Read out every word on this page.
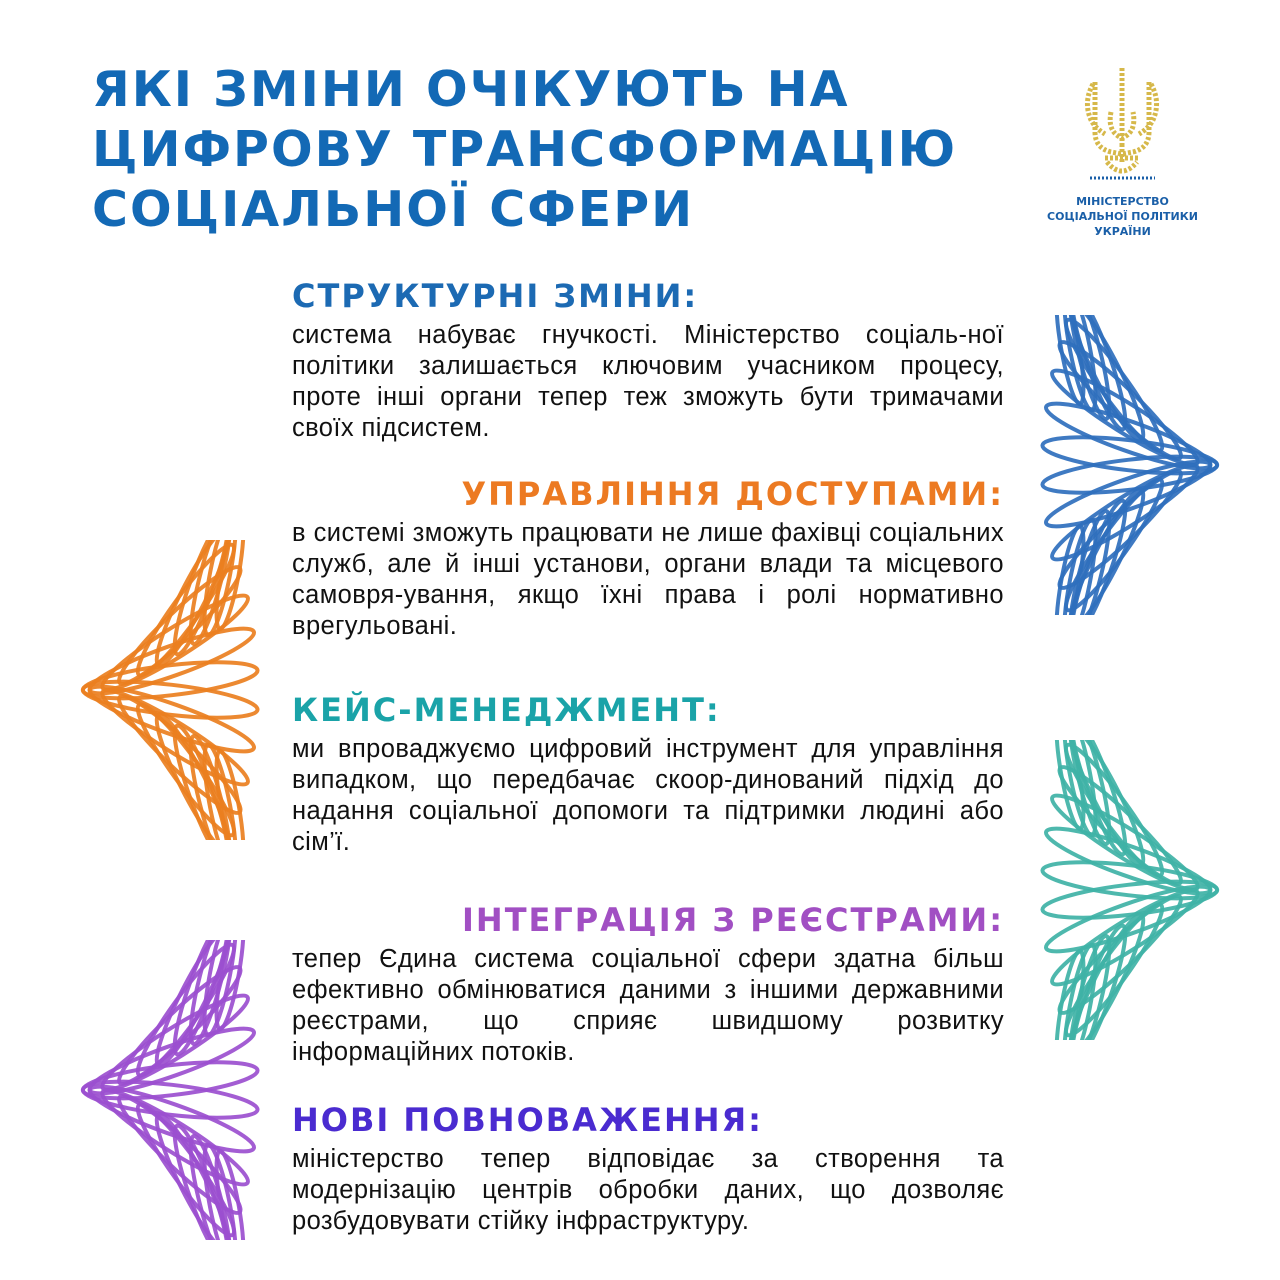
ЯКІ ЗМІНИ ОЧІКУЮТЬ НА
ЦИФРОВУ ТРАНСФОРМАЦІЮ
СОЦІАЛЬНОЇ СФЕРИ	МІНІСТЕРСТВО
СОЦІАЛЬНОЇ ПОЛІТИКИ
УКРАЇНИ
СТРУКТУРНІ ЗМІНИ:

система набуває гнучкості. Міністерство соціаль-ної політики залишається ключовим учасником процесу, проте інші органи тепер теж зможуть бути тримачами своїх підсистем.

УПРАВЛІННЯ ДОСТУПАМИ:

в системі зможуть працювати не лише фахівці соціальних служб, але й інші установи, органи влади та місцевого самовря-ування, якщо їхні права і ролі нормативно врегульовані.

КЕЙС-МЕНЕДЖМЕНТ:

ми впроваджуємо цифровий інструмент для управління випадком, що передбачає скоор-динований підхід до надання соціальної допомоги та підтримки людині або сім’ї.

ІНТЕГРАЦІЯ З РЕЄСТРАМИ:

тепер Єдина система соціальної сфери здатна більш ефективно обмінюватися даними з іншими державними реєстрами, що сприяє швидшому розвитку інформаційних потоків.

НОВІ ПОВНОВАЖЕННЯ:

міністерство тепер відповідає за створення та модернізацію центрів обробки даних, що дозволяє розбудовувати стійку інфраструктуру.
